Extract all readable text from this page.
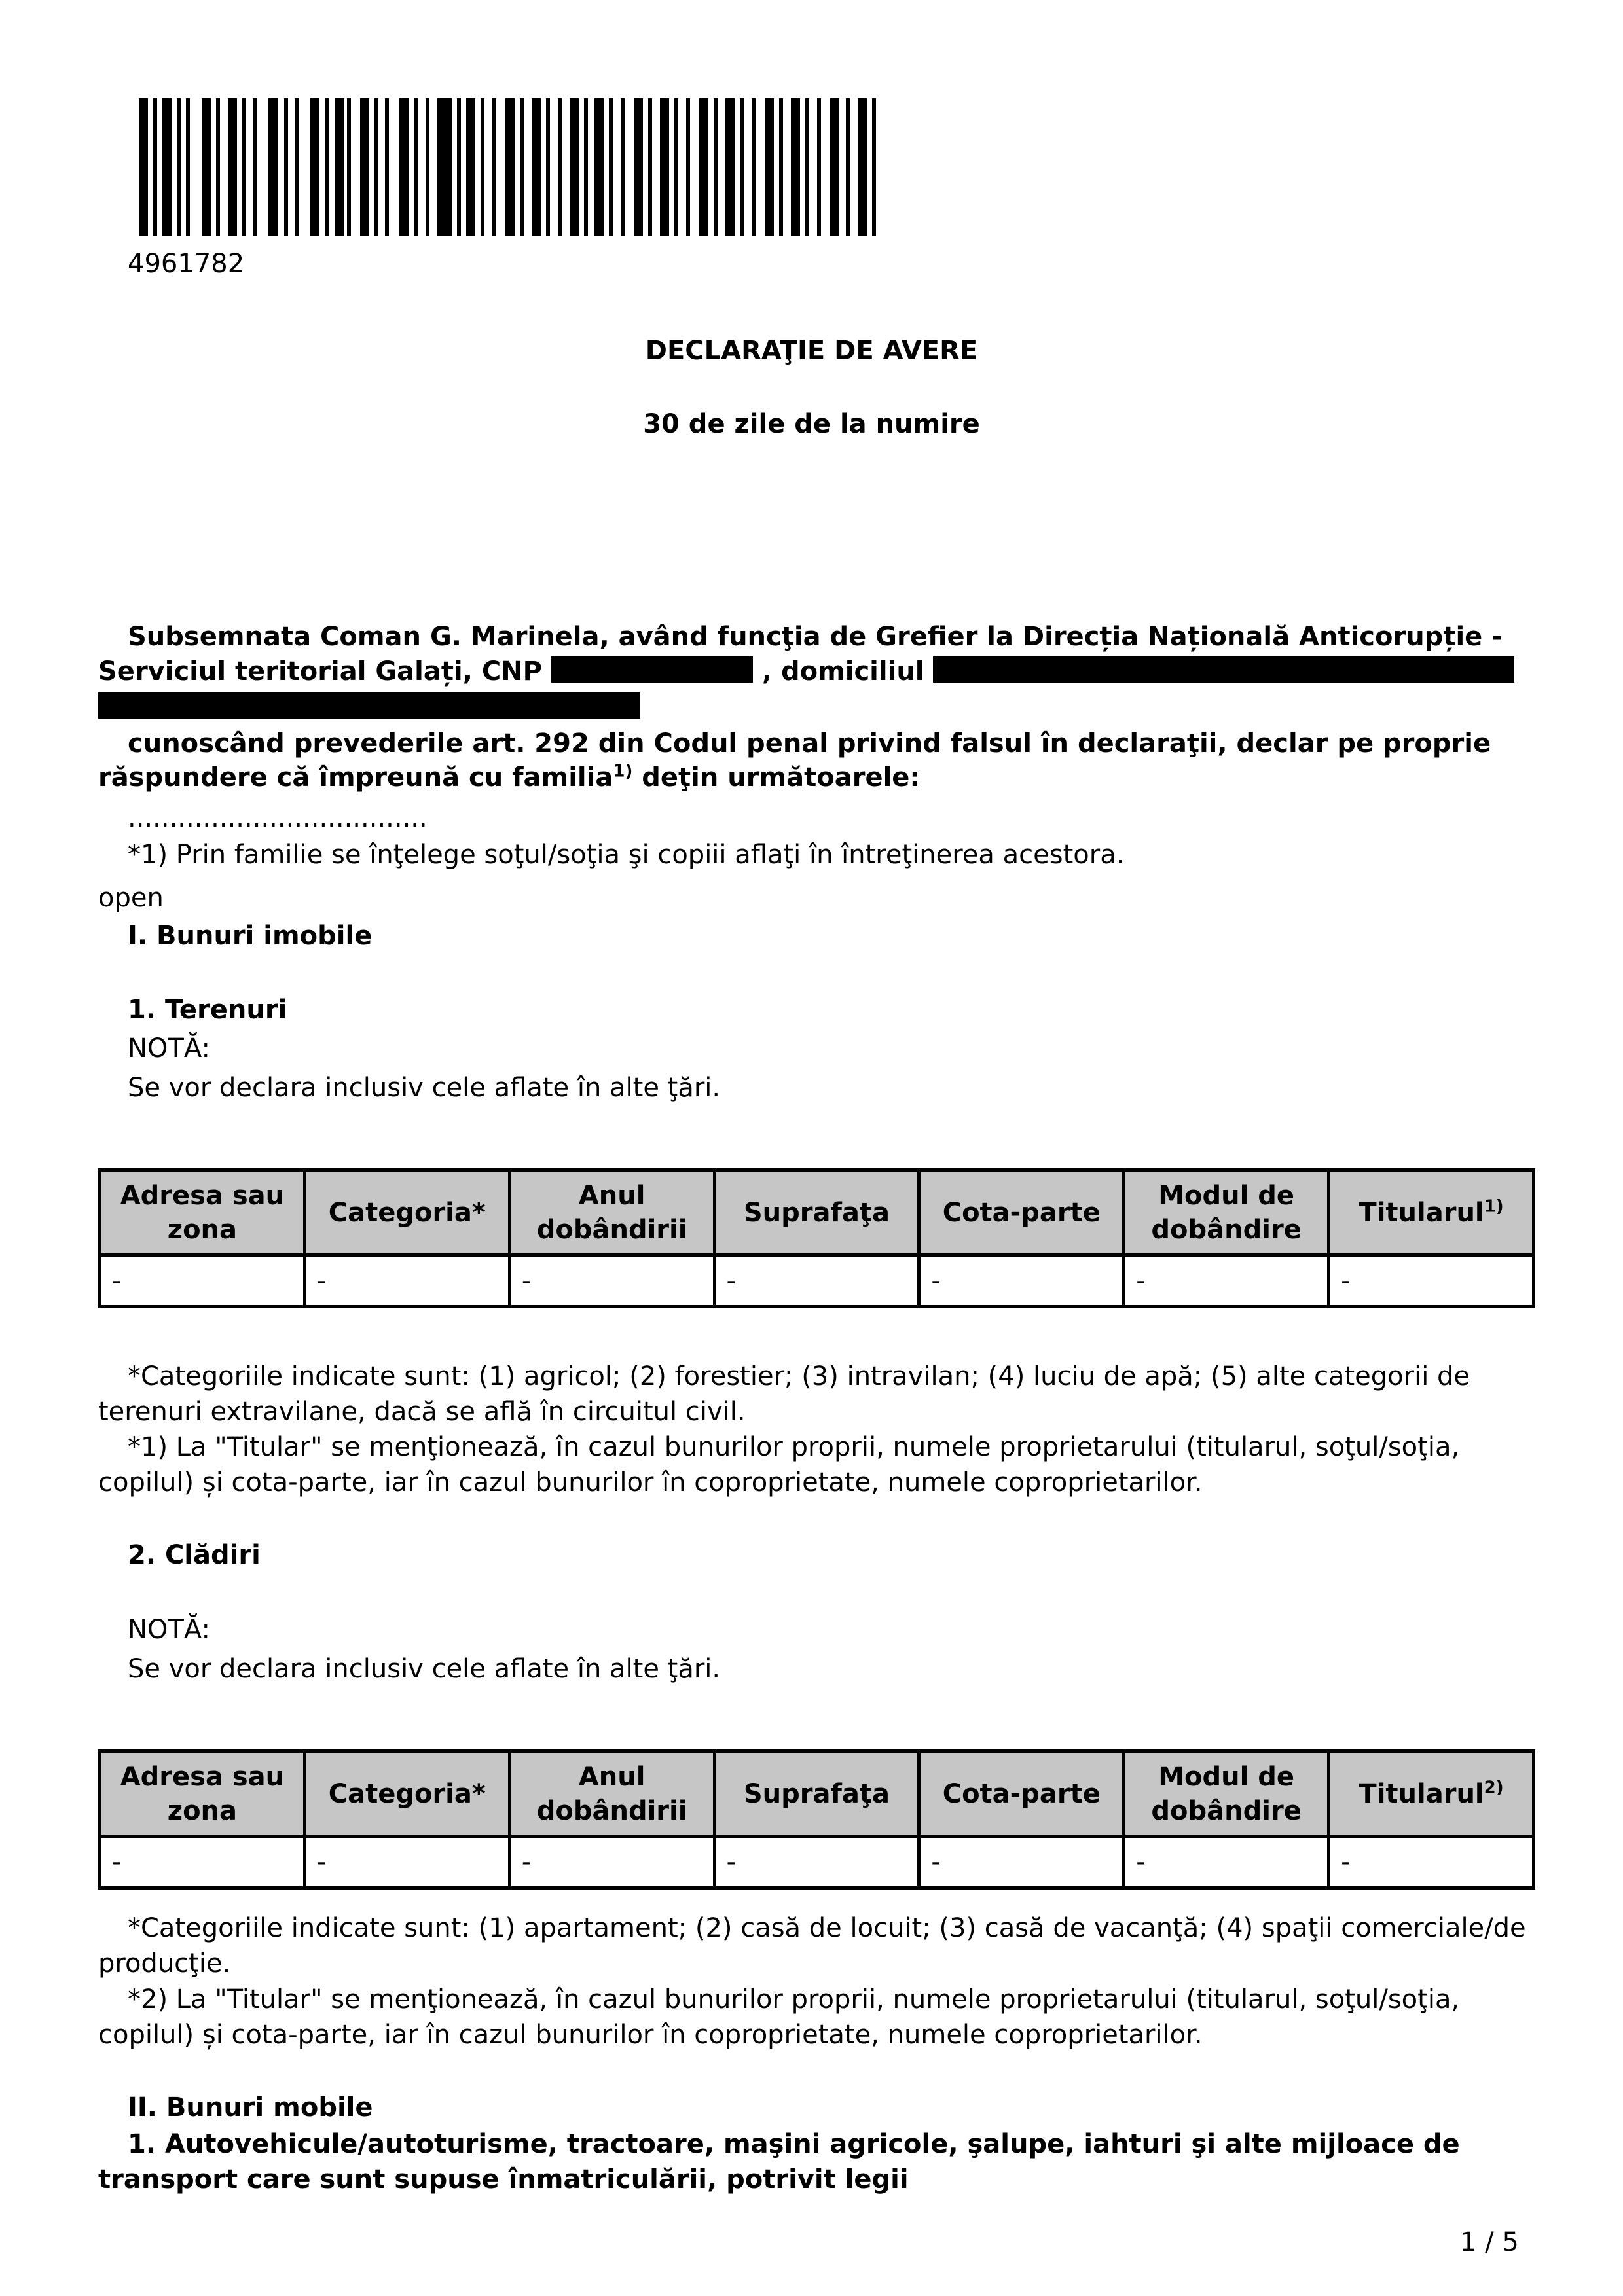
4961782
DECLARAŢIE DE AVERE
30 de zile de la numire
Subsemnata Coman G. Marinela, având funcţia de Grefier la Direcția Națională Anticorupție -
Serviciul teritorial Galați, CNP	, domiciliul
cunoscând prevederile art. 292 din Codul penal privind falsul în declaraţii, declar pe proprie
răspundere că împreună cu familia$^{1)}$ deţin următoarele:
....................................
*1) Prin familie se înţelege soţul/soţia şi copiii aflaţi în întreţinerea acestora.
open
I. Bunuri imobile
1. Terenuri
NOTĂ:
Se vor declara inclusiv cele aflate în alte ţări.
Adresa sau zona	Categoria*	Anul dobândirii	Suprafaţa	Cota-parte	Modul de dobândire	Titularul$^{1)}$
-	-	-	-	-	-	-
*Categoriile indicate sunt: (1) agricol; (2) forestier; (3) intravilan; (4) luciu de apă; (5) alte categorii de
terenuri extravilane, dacă se află în circuitul civil.
*1) La "Titular" se menţionează, în cazul bunurilor proprii, numele proprietarului (titularul, soţul/soţia,
copilul) și cota-parte, iar în cazul bunurilor în coproprietate, numele coproprietarilor.
2. Clădiri
NOTĂ:
Se vor declara inclusiv cele aflate în alte ţări.
Adresa sau zona	Categoria*	Anul dobândirii	Suprafaţa	Cota-parte	Modul de dobândire	Titularul$^{2)}$
-	-	-	-	-	-	-
*Categoriile indicate sunt: (1) apartament; (2) casă de locuit; (3) casă de vacanţă; (4) spaţii comerciale/de
producţie.
*2) La "Titular" se menţionează, în cazul bunurilor proprii, numele proprietarului (titularul, soţul/soţia,
copilul) și cota-parte, iar în cazul bunurilor în coproprietate, numele coproprietarilor.
II. Bunuri mobile
1. Autovehicule/autoturisme, tractoare, maşini agricole, şalupe, iahturi şi alte mijloace de
transport care sunt supuse înmatriculării, potrivit legii
1 / 5
